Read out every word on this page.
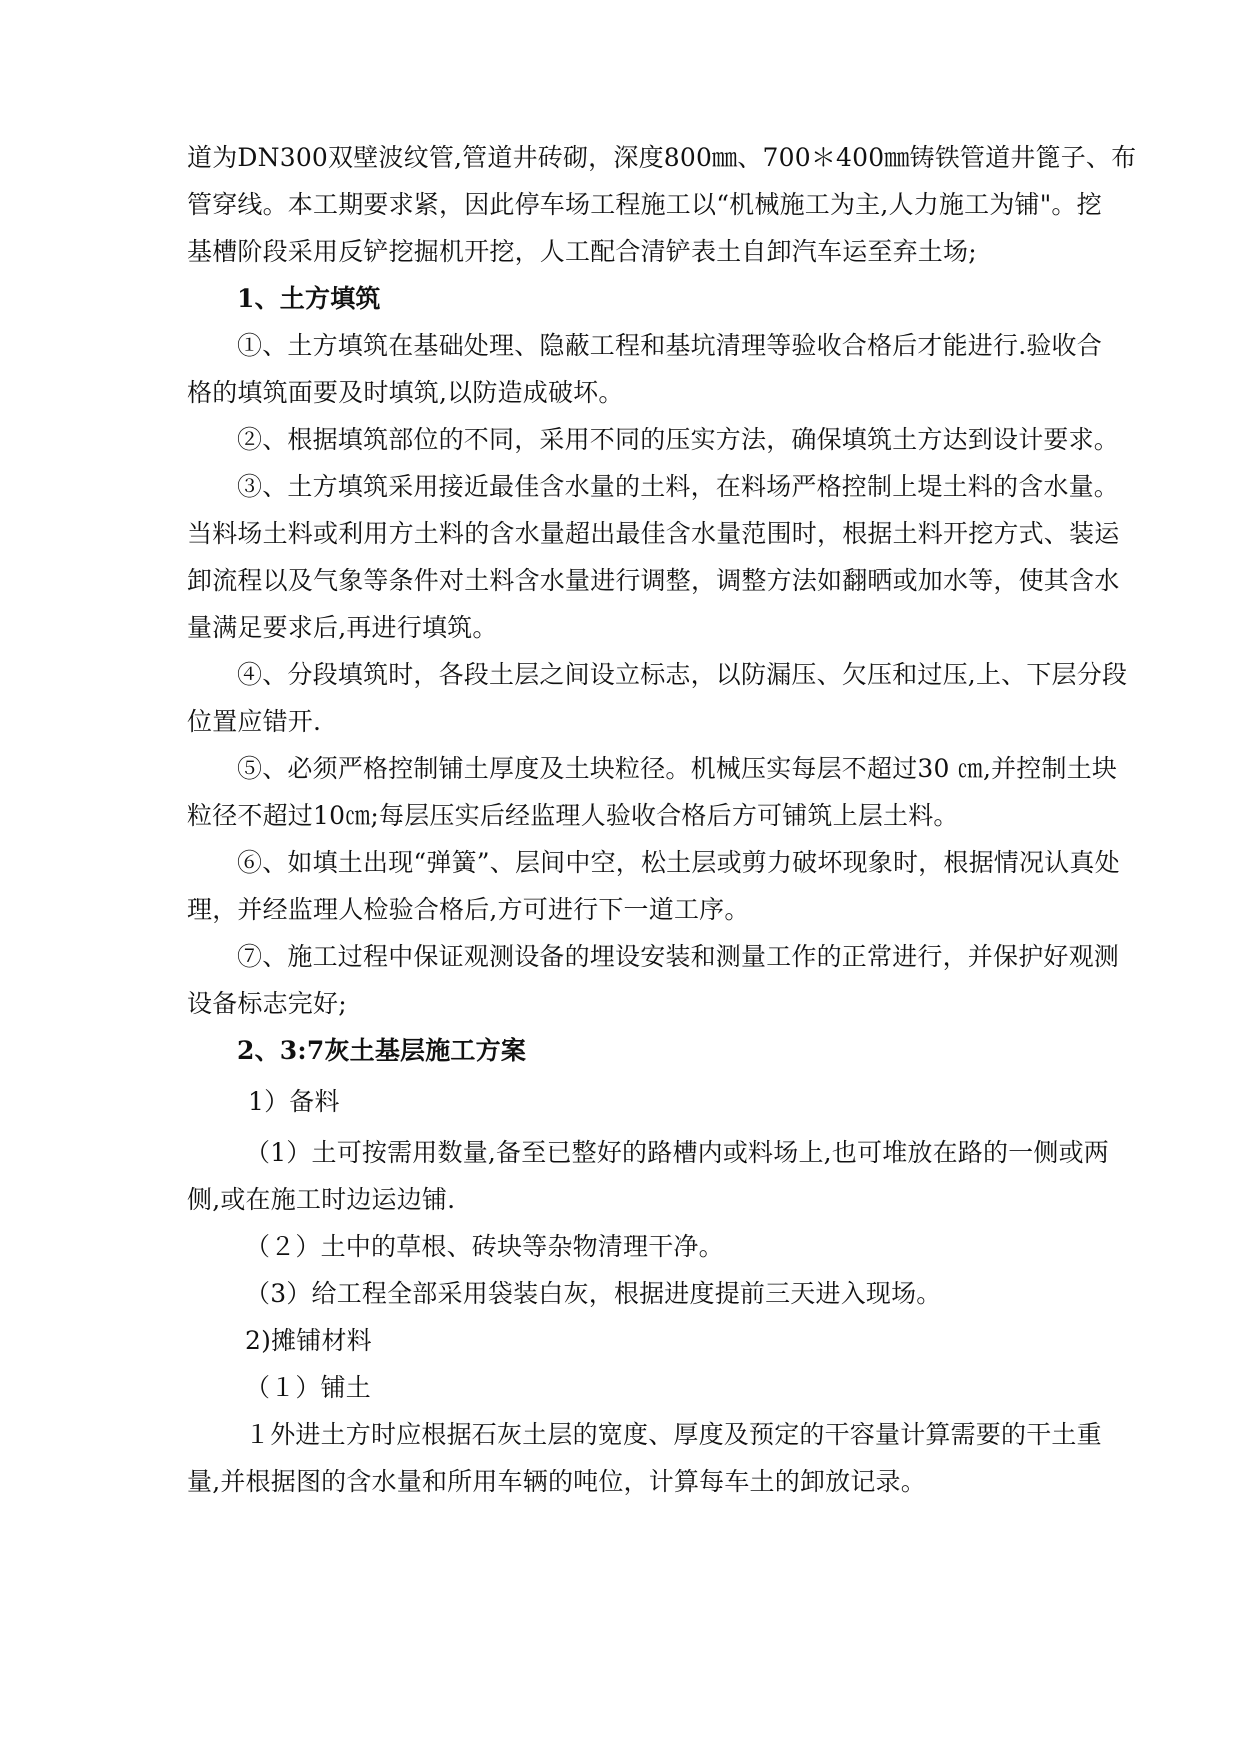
道为DN300双壁波纹管,管道井砖砌，深度800㎜、700＊400㎜铸铁管道井篦子、布
管穿线。本工期要求紧，因此停车场工程施工以“机械施工为主,人力施工为铺"。挖
基槽阶段采用反铲挖掘机开挖，人工配合清铲表土自卸汽车运至弃土场;
1、土方填筑
①、土方填筑在基础处理、隐蔽工程和基坑清理等验收合格后才能进行.验收合
格的填筑面要及时填筑,以防造成破坏。
②、根据填筑部位的不同，采用不同的压实方法，确保填筑土方达到设计要求。
③、土方填筑采用接近最佳含水量的土料，在料场严格控制上堤土料的含水量。
当料场土料或利用方土料的含水量超出最佳含水量范围时，根据土料开挖方式、装运
卸流程以及气象等条件对土料含水量进行调整，调整方法如翻晒或加水等，使其含水
量满足要求后,再进行填筑。
④、分段填筑时，各段土层之间设立标志，以防漏压、欠压和过压,上、下层分段
位置应错开.
⑤、必须严格控制铺土厚度及土块粒径。机械压实每层不超过30 ㎝,并控制土块
粒径不超过10㎝;每层压实后经监理人验收合格后方可铺筑上层土料。
⑥、如填土出现“弹簧”、层间中空，松土层或剪力破坏现象时，根据情况认真处
理，并经监理人检验合格后,方可进行下一道工序。
⑦、施工过程中保证观测设备的埋设安装和测量工作的正常进行，并保护好观测
设备标志完好;
2、3:7灰土基层施工方案
1）备料
（1）土可按需用数量,备至已整好的路槽内或料场上,也可堆放在路的一侧或两
侧,或在施工时边运边铺.
（２）土中的草根、砖块等杂物清理干净。
（3）给工程全部采用袋装白灰，根据进度提前三天进入现场。
2)摊铺材料
（１）铺土
１外进土方时应根据石灰土层的宽度、厚度及预定的干容量计算需要的干土重
量,并根据图的含水量和所用车辆的吨位，计算每车土的卸放记录。
